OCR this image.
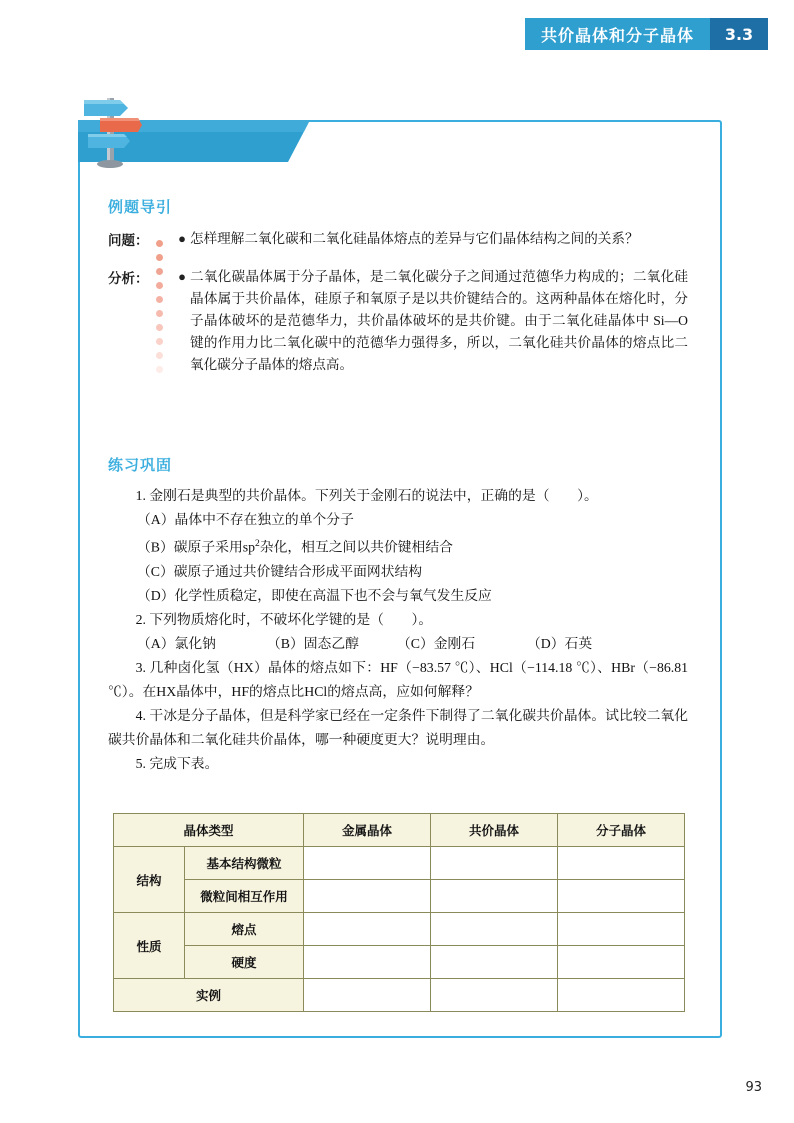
共价晶体和分子晶体	3.3
学习指南
例题导引
问题：	● 怎样理解二氧化碳和二氧化硅晶体熔点的差异与它们晶体结构之间的关系？
分析：	● 二氧化碳晶体属于分子晶体，是二氧化碳分子之间通过范德华力构成的；二氧化硅晶体属于共价晶体，硅原子和氧原子是以共价键结合的。这两种晶体在熔化时，分子晶体破坏的是范德华力，共价晶体破坏的是共价键。由于二氧化硅晶体中 Si—O 键的作用力比二氧化碳中的范德华力强得多，所以，二氧化硅共价晶体的熔点比二氧化碳分子晶体的熔点高。
练习巩固
1. 金刚石是典型的共价晶体。下列关于金刚石的说法中，正确的是（　　）。
（A）晶体中不存在独立的单个分子
（B）碳原子采用$sp^2$杂化，相互之间以共价键相结合
（C）碳原子通过共价键结合形成平面网状结构
（D）化学性质稳定，即使在高温下也不会与氧气发生反应
2. 下列物质熔化时，不破坏化学键的是（　　）。
（A）氯化钠	（B）固态乙醇	（C）金刚石	（D）石英
3. 几种卤化氢（HX）晶体的熔点如下：HF（−83.57 ℃）、HCl（−114.18 ℃）、HBr（−86.81 ℃）。在HX晶体中，HF的熔点比HCl的熔点高，应如何解释？
4. 干冰是分子晶体，但是科学家已经在一定条件下制得了二氧化碳共价晶体。试比较二氧化碳共价晶体和二氧化硅共价晶体，哪一种硬度更大？说明理由。
5. 完成下表。
晶体类型		金属晶体	共价晶体	分子晶体
结构	基本结构微粒			
	微粒间相互作用			
性质	熔点			
	硬度			
实例				
93
